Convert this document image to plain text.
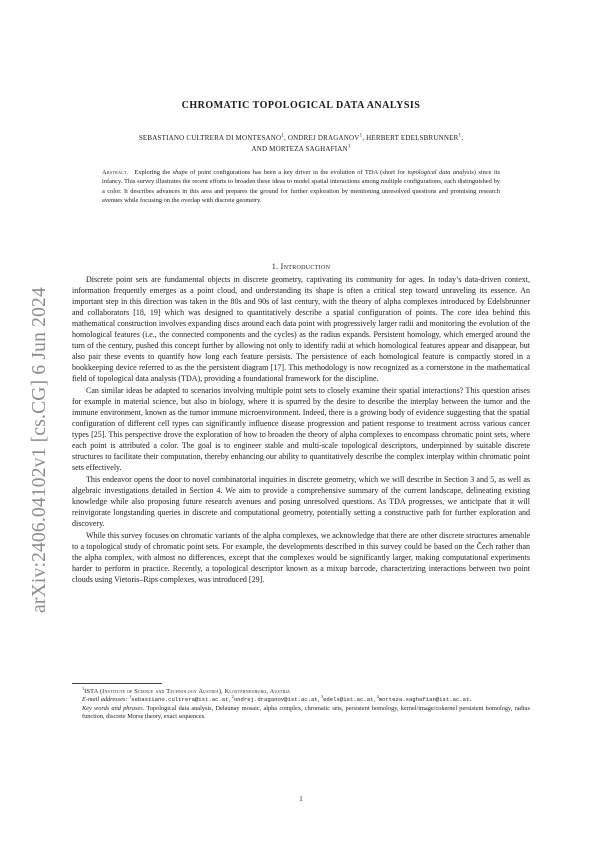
arXiv:2406.04102v1 [cs.CG] 6 Jun 2024
CHROMATIC TOPOLOGICAL DATA ANALYSIS
SEBASTIANO CULTRERA DI MONTESANO$^1$, ONDREJ DRAGANOV$^1$, HERBERT EDELSBRUNNER$^1$,
AND MORTEZA SAGHAFIAN$^1$
Abstract. Exploring the shape of point configurations has been a key driver in the evolution of TDA (short for topological data analysis) since its infancy. This survey illustrates the recent efforts to broaden these ideas to model spatial interactions among multiple configurations, each distinguished by a color. It describes advances in this area and prepares the ground for further exploration by mentioning unresolved questions and promising research avenues while focusing on the overlap with discrete geometry.
1. Introduction

Discrete point sets are fundamental objects in discrete geometry, captivating its community for ages. In today’s data-driven context, information frequently emerges as a point cloud, and understanding its shape is often a critical step toward unraveling its essence. An important step in this direction was taken in the 80s and 90s of last century, with the theory of alpha complexes introduced by Edelsbrunner and collaborators [18, 19] which was designed to quantitatively describe a spatial configuration of points. The core idea behind this mathematical construction involves expanding discs around each data point with progressively larger radii and monitoring the evolution of the homological features (i.e., the connected components and the cycles) as the radius expands. Persistent homology, which emerged around the turn of the century, pushed this concept further by allowing not only to identify radii at which homological features appear and disappear, but also pair these events to quantify how long each feature persists. The persistence of each homological feature is compactly stored in a bookkeeping device referred to as the the persistent diagram [17]. This methodology is now recognized as a cornerstone in the mathematical field of topological data analysis (TDA), providing a foundational framework for the discipline.

Can similar ideas be adapted to scenarios involving multiple point sets to closely examine their spatial interactions? This question arises for example in material science, but also in biology, where it is spurred by the desire to describe the interplay between the tumor and the immune environment, known as the tumor immune microenvironment. Indeed, there is a growing body of evidence suggesting that the spatial configuration of different cell types can significantly influence disease progression and patient response to treatment across various cancer types [25]. This perspective drove the exploration of how to broaden the theory of alpha complexes to encompass chromatic point sets, where each point is attributed a color. The goal is to engineer stable and multi-scale topological descriptors, underpinned by suitable discrete structures to facilitate their computation, thereby enhancing our ability to quantitatively describe the complex interplay within chromatic point sets effectively.

This endeavor opens the door to novel combinatorial inquiries in discrete geometry, which we will describe in Section 3 and 5, as well as algebraic investigations detailed in Section 4. We aim to provide a comprehensive summary of the current landscape, delineating existing knowledge while also proposing future research avenues and posing unresolved questions. As TDA progresses, we anticipate that it will reinvigorate longstanding queries in discrete and computational geometry, potentially setting a constructive path for further exploration and discovery.

While this survey focuses on chromatic variants of the alpha complexes, we acknowledge that there are other discrete structures amenable to a topological study of chromatic point sets. For example, the developments described in this survey could be based on the Čech rather than the alpha complex, with almost no differences, except that the complexes would be significantly larger, making computational experiments harder to perform in practice. Recently, a topological descriptor known as a mixup barcode, characterizing interactions between two point clouds using Vietoris–Rips complexes, was introduced [29].

$^1$ISTA (Institute of Science and Technology Austria), Klosterneuburg, Austria
E-mail addresses: $^1$sebastiano.cultrera@ist.ac.at, $^2$ondrej.draganov@ist.ac.at, $^3$edels@ist.ac.at, $^4$morteza.saghafian@ist.ac.at.
Key words and phrases. Topological data analysis, Delaunay mosaic, alpha complex, chromatic sets, persistent homology, kernel/image/cokernel persistent homology, radius function, discrete Morse theory, exact sequences.
1
